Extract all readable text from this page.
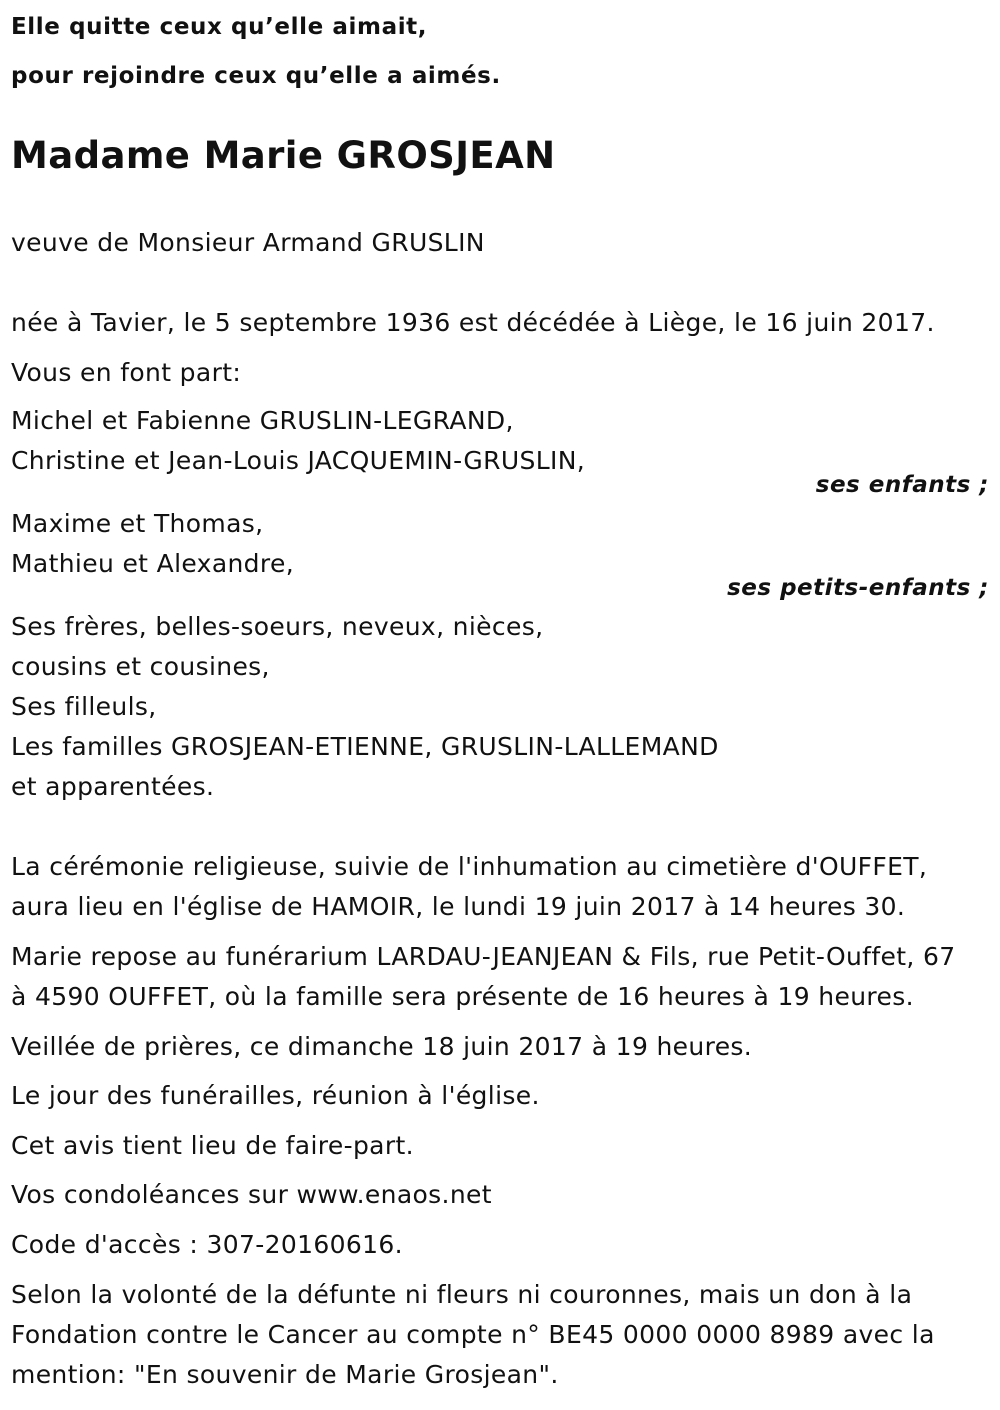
Elle quitte ceux qu’elle aimait,
pour rejoindre ceux qu’elle a aimés.
Madame Marie GROSJEAN
veuve de Monsieur Armand GRUSLIN
née à Tavier, le 5 septembre 1936 est décédée à Liège, le 16 juin 2017.
Vous en font part:
Michel et Fabienne GRUSLIN-LEGRAND,
Christine et Jean-Louis JACQUEMIN-GRUSLIN,
ses enfants ;
Maxime et Thomas,
Mathieu et Alexandre,
ses petits-enfants ;
Ses frères, belles-soeurs, neveux, nièces,
cousins et cousines,
Ses filleuls,
Les familles GROSJEAN-ETIENNE, GRUSLIN-LALLEMAND
et apparentées.
La cérémonie religieuse, suivie de l'inhumation au cimetière d'OUFFET,
aura lieu en l'église de HAMOIR, le lundi 19 juin 2017 à 14 heures 30.
Marie repose au funérarium LARDAU-JEANJEAN & Fils, rue Petit-Ouffet, 67
à 4590 OUFFET, où la famille sera présente de 16 heures à 19 heures.
Veillée de prières, ce dimanche 18 juin 2017 à 19 heures.
Le jour des funérailles, réunion à l'église.
Cet avis tient lieu de faire-part.
Vos condoléances sur www.enaos.net
Code d'accès : 307-20160616.
Selon la volonté de la défunte ni fleurs ni couronnes, mais un don à la
Fondation contre le Cancer au compte n° BE45 0000 0000 8989 avec la
mention: "En souvenir de Marie Grosjean".
